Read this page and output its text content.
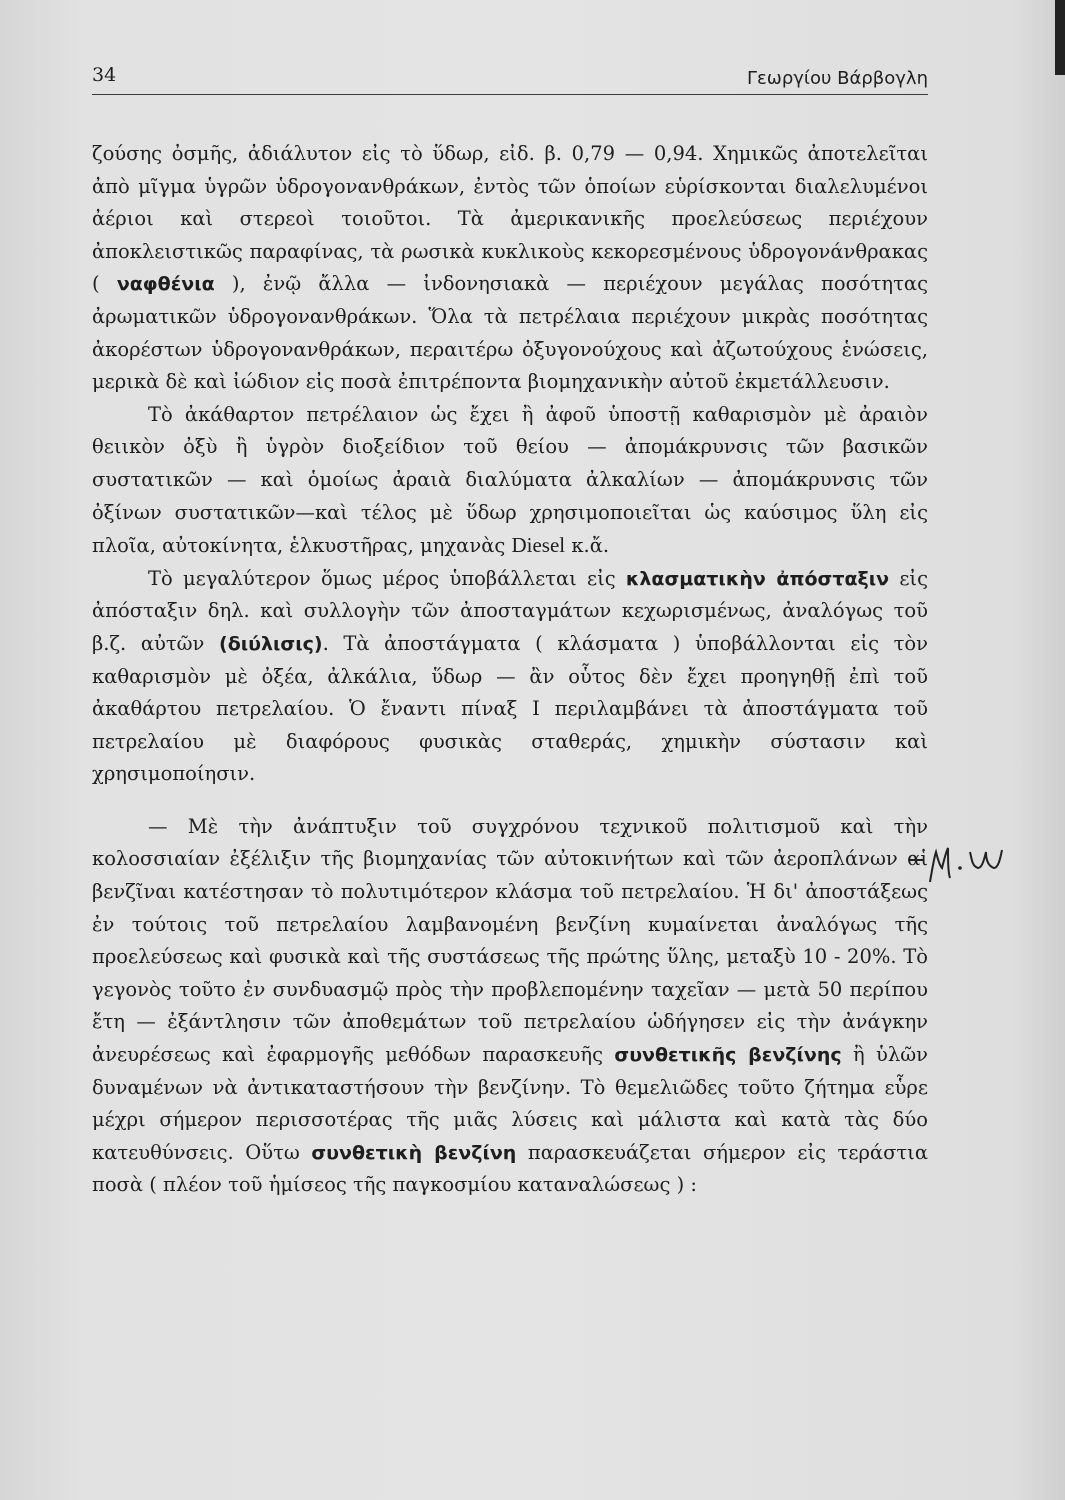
34	Γεωργίου Βάρβογλη

ζούσης ὀσμῆς, ἀδιάλυτον εἰς τὸ ὕδωρ, εἰδ. β. 0,79 — 0,94. Χημικῶς ἀποτελεῖται ἀπὸ μῖγμα ὑγρῶν ὑδρογονανθράκων, ἐντὸς τῶν ὁποίων εὑρίσκονται διαλελυμένοι ἀέριοι καὶ στερεοὶ τοιοῦτοι. Τὰ ἀμερικανικῆς προελεύσεως περιέχουν ἀποκλειστικῶς παραφίνας, τὰ ρωσικὰ κυκλικοὺς κεκορεσμένους ὑδρογονάνθρακας ( ναφθένια ), ἐνῷ ἄλλα — ἰνδονησιακὰ — περιέχουν μεγάλας ποσότητας ἀρωματικῶν ὑδρογονανθράκων. Ὅλα τὰ πετρέλαια περιέχουν μικρὰς ποσότητας ἀκορέστων ὑδρογονανθράκων, περαιτέρω ὀξυγονούχους καὶ ἀζωτούχους ἑνώσεις, μερικὰ δὲ καὶ ἰώδιον εἰς ποσὰ ἐπιτρέποντα βιομηχανικὴν αὐτοῦ ἐκμετάλλευσιν.

Τὸ ἀκάθαρτον πετρέλαιον ὡς ἔχει ἢ ἀφοῦ ὑποστῇ καθαρισμὸν μὲ ἀραιὸν θειικὸν ὀξὺ ἢ ὑγρὸν διοξείδιον τοῦ θείου — ἀπομάκρυνσις τῶν βασικῶν συστατικῶν — καὶ ὁμοίως ἀραιὰ διαλύματα ἀλκαλίων — ἀπομάκρυνσις τῶν ὀξίνων συστατικῶν—καὶ τέλος μὲ ὕδωρ χρησιμοποιεῖται ὡς καύσιμος ὕλη εἰς πλοῖα, αὐτοκίνητα, ἑλκυστῆρας, μηχανὰς Diesel κ.ἄ.

Τὸ μεγαλύτερον ὅμως μέρος ὑποβάλλεται εἰς κλασματικὴν ἀπόσταξιν εἰς ἀπόσταξιν δηλ. καὶ συλλογὴν τῶν ἀποσταγμάτων κεχωρισμένως, ἀναλόγως τοῦ β.ζ. αὐτῶν (διύλισις). Τὰ ἀποστάγματα ( κλάσματα ) ὑποβάλλονται εἰς τὸν καθαρισμὸν μὲ ὀξέα, ἀλκάλια, ὕδωρ — ἂν οὗτος δὲν ἔχει προηγηθῇ ἐπὶ τοῦ ἀκαθάρτου πετρελαίου. Ὁ ἔναντι πίναξ Ι περιλαμβάνει τὰ ἀποστάγματα τοῦ πετρελαίου μὲ διαφόρους φυσικὰς σταθεράς, χημικὴν σύστασιν καὶ χρησιμοποίησιν.

— Μὲ τὴν ἀνάπτυξιν τοῦ συγχρόνου τεχνικοῦ πολιτισμοῦ καὶ τὴν κολοσσιαίαν ἐξέλιξιν τῆς βιομηχανίας τῶν αὐτοκινήτων καὶ τῶν ἀεροπλάνων αἱ βενζῖναι κατέστησαν τὸ πολυτιμότερον κλάσμα τοῦ πετρελαίου. Ἡ δι' ἀποστάξεως ἐν τούτοις τοῦ πετρελαίου λαμβανομένη βενζίνη κυμαίνεται ἀναλόγως τῆς προελεύσεως καὶ φυσικὰ καὶ τῆς συστάσεως τῆς πρώτης ὕλης, μεταξὺ 10 - 20%. Τὸ γεγονὸς τοῦτο ἐν συνδυασμῷ πρὸς τὴν προβλεπομένην ταχεῖαν — μετὰ 50 περίπου ἔτη — ἐξάντλησιν τῶν ἀποθεμάτων τοῦ πετρελαίου ὡδήγησεν εἰς τὴν ἀνάγκην ἀνευρέσεως καὶ ἐφαρμογῆς μεθόδων παρασκευῆς συνθετικῆς βενζίνης ἢ ὑλῶν δυναμένων νὰ ἀντικαταστήσουν τὴν βενζίνην. Τὸ θεμελιῶδες τοῦτο ζήτημα εὗρε μέχρι σήμερον περισσοτέρας τῆς μιᾶς λύσεις καὶ μάλιστα καὶ κατὰ τὰς δύο κατευθύνσεις. Οὕτω συνθετικὴ βενζίνη παρασκευάζεται σήμερον εἰς τεράστια ποσὰ ( πλέον τοῦ ἡμίσεος τῆς παγκοσμίου καταναλώσεως ) :
